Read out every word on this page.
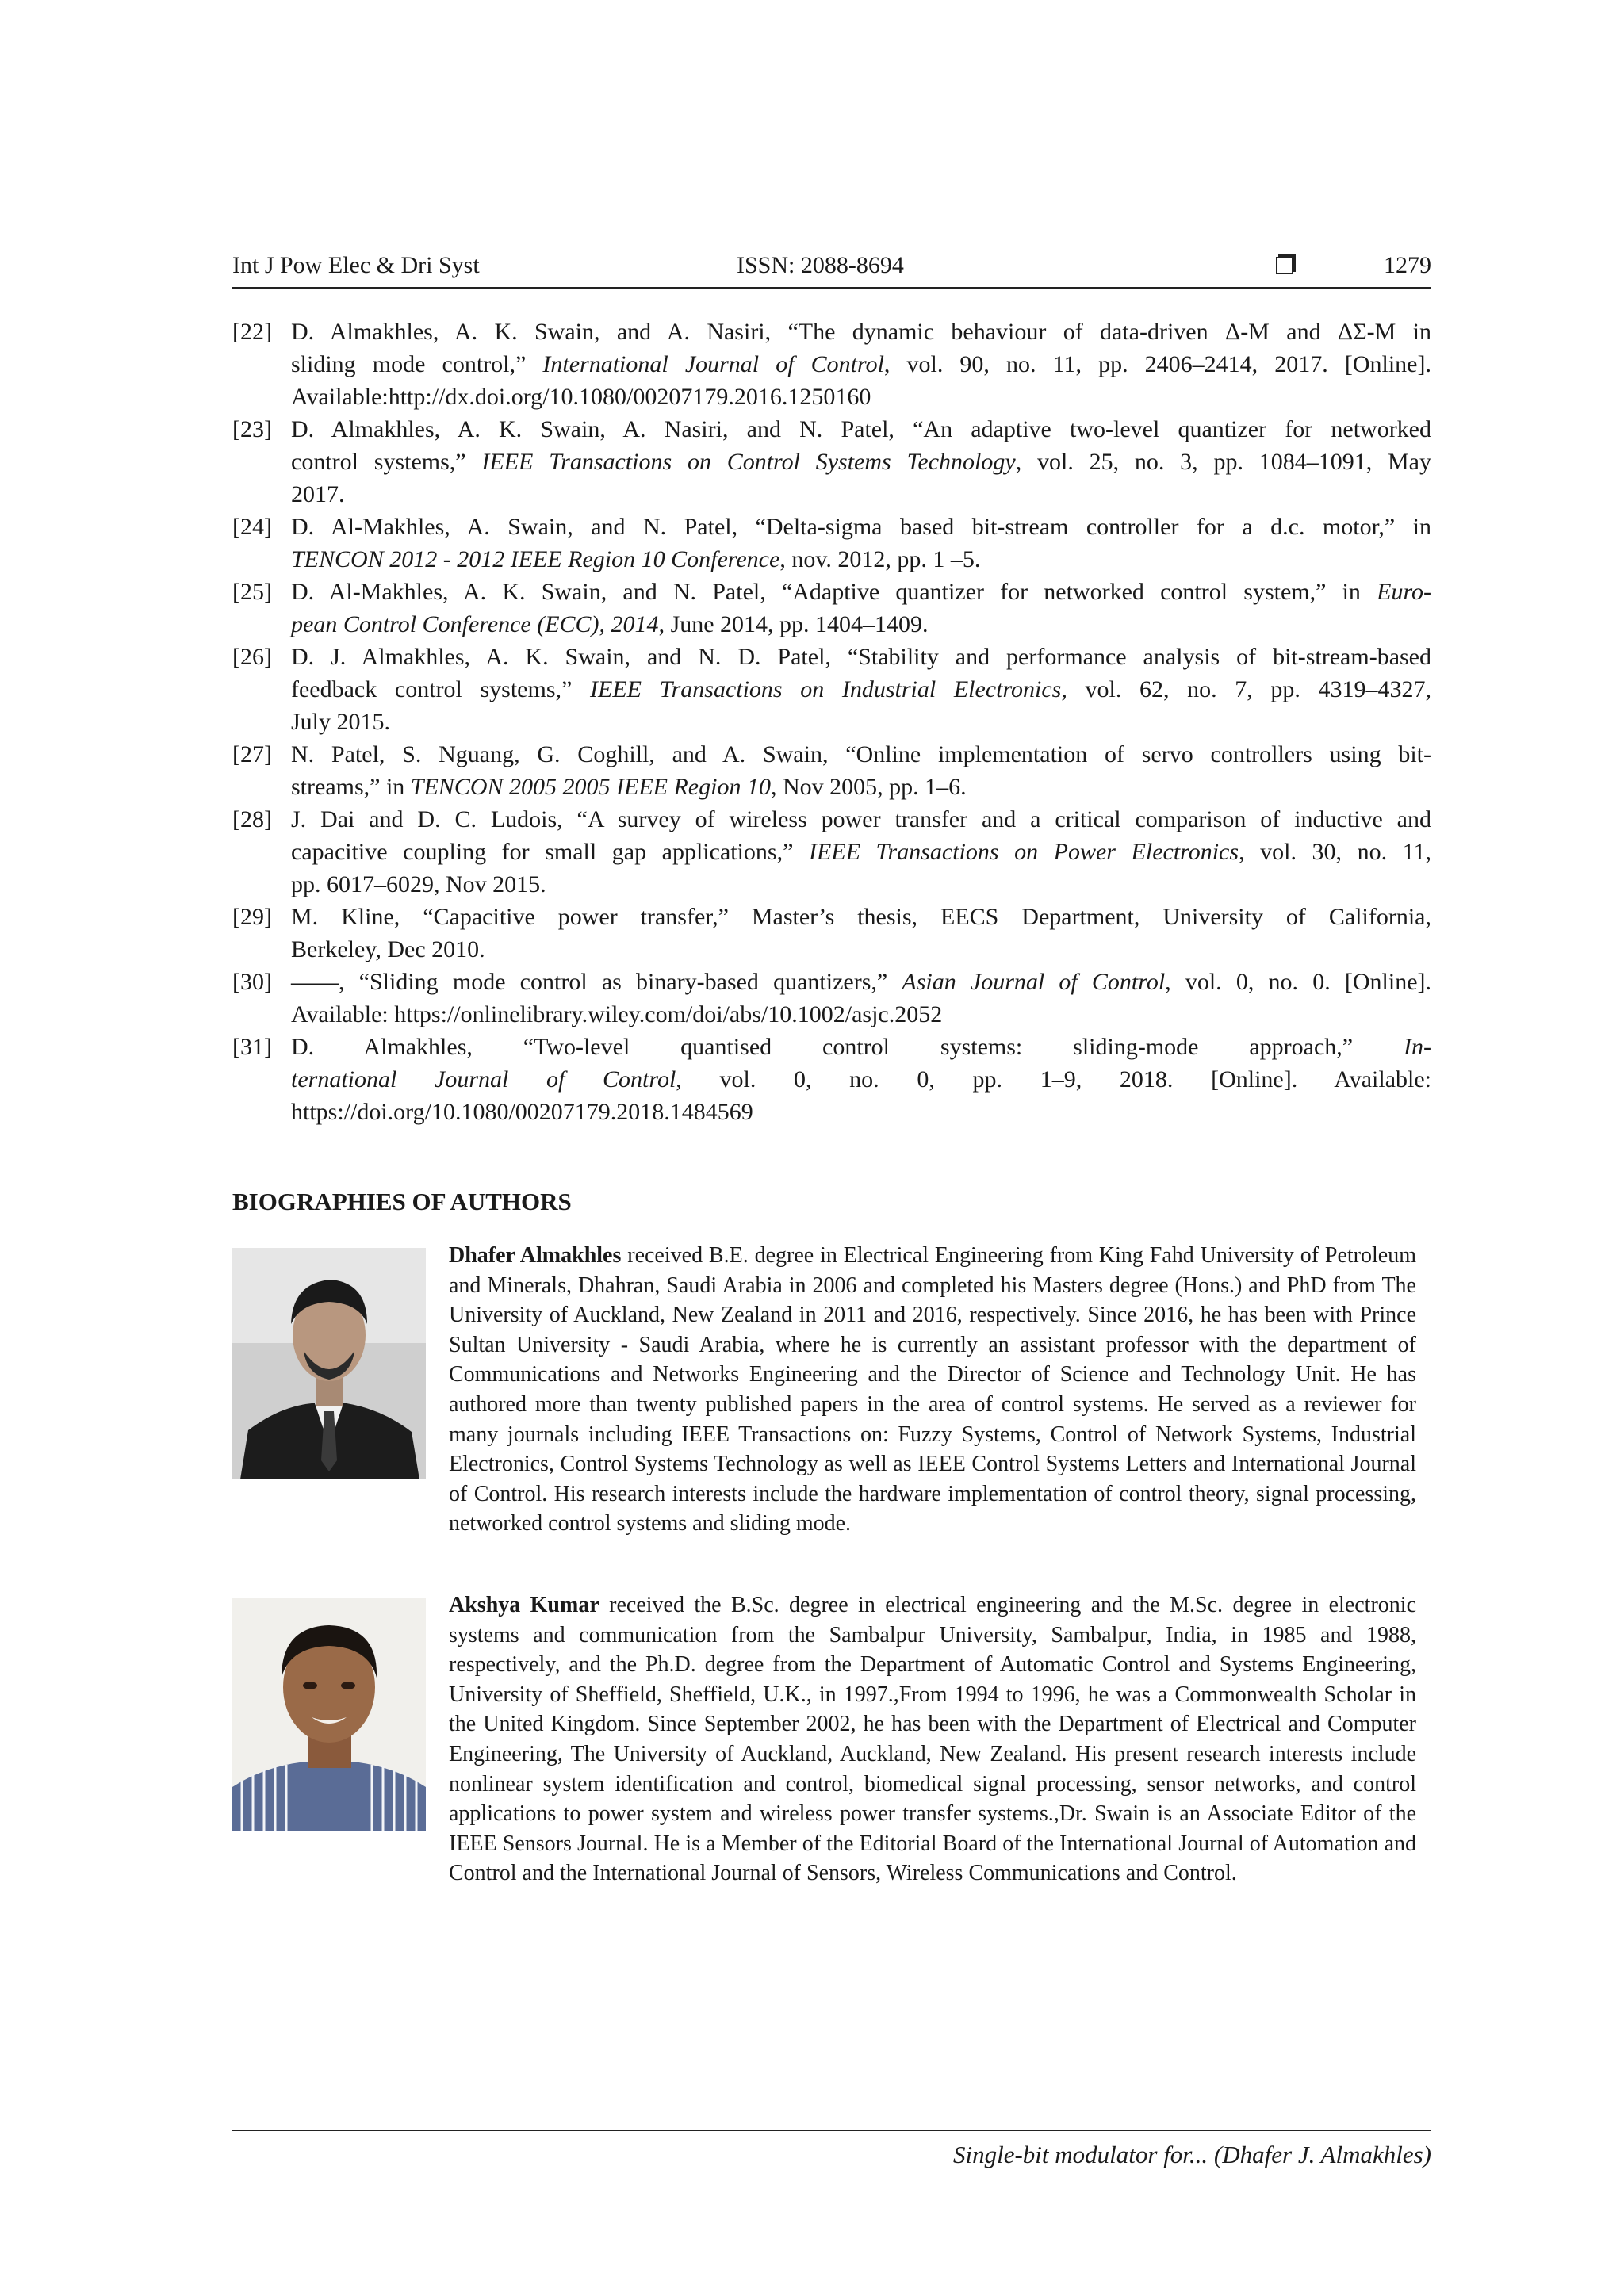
Int J Pow Elec & Dri Syst	ISSN: 2088-8694	1279
[22] D. Almakhles, A. K. Swain, and A. Nasiri, “The dynamic behaviour of data-driven Δ-M and ΔΣ-M in
sliding mode control,” International Journal of Control, vol. 90, no. 11, pp. 2406–2414, 2017. [Online].
Available:http://dx.doi.org/10.1080/00207179.2016.1250160
[23] D. Almakhles, A. K. Swain, A. Nasiri, and N. Patel, “An adaptive two-level quantizer for networked
control systems,” IEEE Transactions on Control Systems Technology, vol. 25, no. 3, pp. 1084–1091, May
2017.
[24] D. Al-Makhles, A. Swain, and N. Patel, “Delta-sigma based bit-stream controller for a d.c. motor,” in
TENCON 2012 - 2012 IEEE Region 10 Conference, nov. 2012, pp. 1 –5.
[25] D. Al-Makhles, A. K. Swain, and N. Patel, “Adaptive quantizer for networked control system,” in Euro-
pean Control Conference (ECC), 2014, June 2014, pp. 1404–1409.
[26] D. J. Almakhles, A. K. Swain, and N. D. Patel, “Stability and performance analysis of bit-stream-based
feedback control systems,” IEEE Transactions on Industrial Electronics, vol. 62, no. 7, pp. 4319–4327,
July 2015.
[27] N. Patel, S. Nguang, G. Coghill, and A. Swain, “Online implementation of servo controllers using bit-
streams,” in TENCON 2005 2005 IEEE Region 10, Nov 2005, pp. 1–6.
[28] J. Dai and D. C. Ludois, “A survey of wireless power transfer and a critical comparison of inductive and
capacitive coupling for small gap applications,” IEEE Transactions on Power Electronics, vol. 30, no. 11,
pp. 6017–6029, Nov 2015.
[29] M. Kline, “Capacitive power transfer,” Master’s thesis, EECS Department, University of California,
Berkeley, Dec 2010.
[30] ——, “Sliding mode control as binary-based quantizers,” Asian Journal of Control, vol. 0, no. 0. [Online].
Available: https://onlinelibrary.wiley.com/doi/abs/10.1002/asjc.2052
[31] D. Almakhles, “Two-level quantised control systems: sliding-mode approach,” In-
ternational Journal of Control, vol. 0, no. 0, pp. 1–9, 2018. [Online]. Available:
https://doi.org/10.1080/00207179.2018.1484569
BIOGRAPHIES OF AUTHORS
Dhafer Almakhles received B.E. degree in Electrical Engineering from King Fahd University of Petroleum and Minerals, Dhahran, Saudi Arabia in 2006 and completed his Masters degree (Hons.) and PhD from The University of Auckland, New Zealand in 2011 and 2016, respectively. Since 2016, he has been with Prince Sultan University - Saudi Arabia, where he is currently an assistant professor with the department of Communications and Networks Engineering and the Director of Science and Technology Unit. He has authored more than twenty published papers in the area of control systems. He served as a reviewer for many journals including IEEE Transactions on: Fuzzy Systems, Control of Network Systems, Industrial Electronics, Control Systems Technology as well as IEEE Control Systems Letters and International Journal of Control. His research interests include the hardware implementation of control theory, signal processing, networked control systems and sliding mode.
Akshya Kumar received the B.Sc. degree in electrical engineering and the M.Sc. degree in electronic systems and communication from the Sambalpur University, Sambalpur, India, in 1985 and 1988, respectively, and the Ph.D. degree from the Department of Automatic Control and Systems Engineering, University of Sheffield, Sheffield, U.K., in 1997.,From 1994 to 1996, he was a Commonwealth Scholar in the United Kingdom. Since September 2002, he has been with the Department of Electrical and Computer Engineering, The University of Auckland, Auckland, New Zealand. His present research interests include nonlinear system identification and control, biomedical signal processing, sensor networks, and control applications to power system and wireless power transfer systems.,Dr. Swain is an Associate Editor of the IEEE Sensors Journal. He is a Member of the Editorial Board of the International Journal of Automation and Control and the International Journal of Sensors, Wireless Communications and Control.
Single-bit modulator for... (Dhafer J. Almakhles)
